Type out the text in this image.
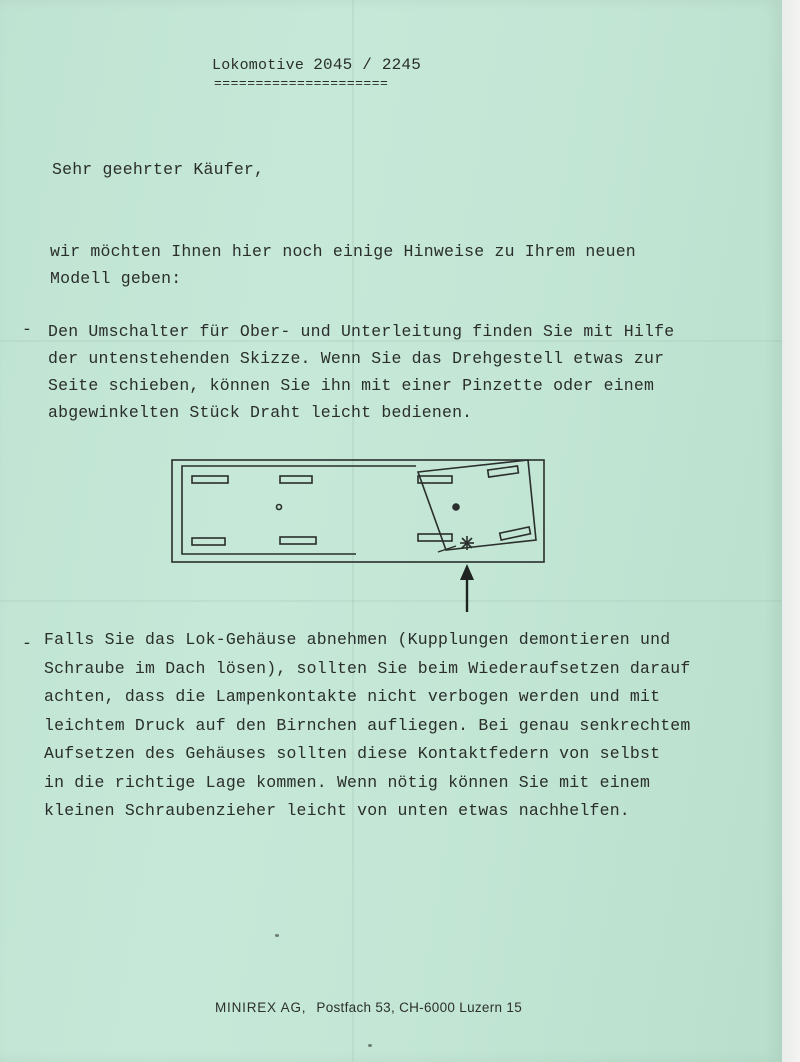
Lokomotive 2045 / 2245
=====================
Sehr geehrter Käufer,
wir möchten Ihnen hier noch einige Hinweise zu Ihrem neuen
Modell geben:
- Den Umschalter für Ober- und Unterleitung finden Sie mit Hilfe
der untenstehenden Skizze. Wenn Sie das Drehgestell etwas zur
Seite schieben, können Sie ihn mit einer Pinzette oder einem
abgewinkelten Stück Draht leicht bedienen.
- Falls Sie das Lok-Gehäuse abnehmen (Kupplungen demontieren und
Schraube im Dach lösen), sollten Sie beim Wiederaufsetzen darauf
achten, dass die Lampenkontakte nicht verbogen werden und mit
leichtem Druck auf den Birnchen aufliegen. Bei genau senkrechtem
Aufsetzen des Gehäuses sollten diese Kontaktfedern von selbst
in die richtige Lage kommen. Wenn nötig können Sie mit einem
kleinen Schraubenzieher leicht von unten etwas nachhelfen.
MINIREX AG, Postfach 53, CH-6000 Luzern 15
